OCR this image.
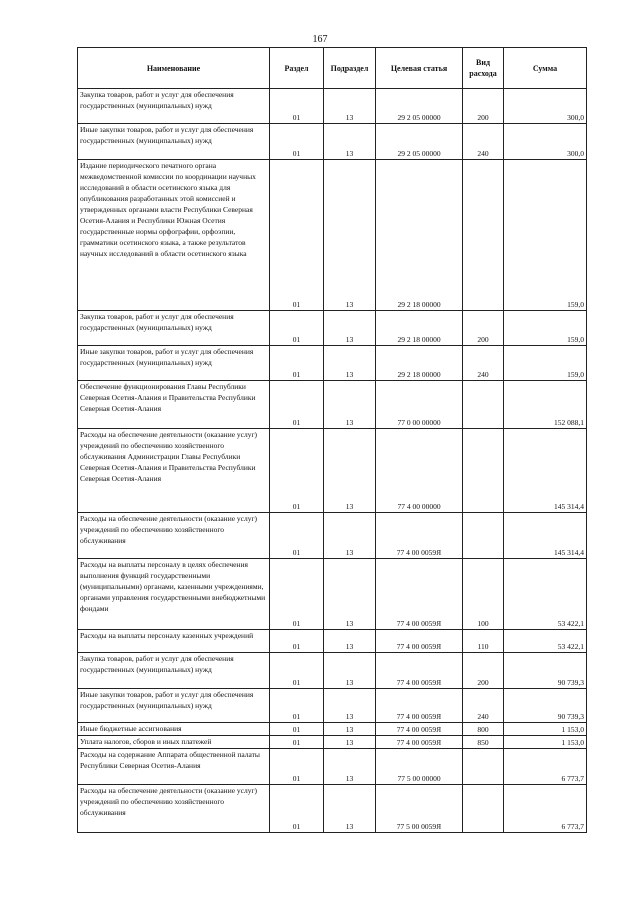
167
Наименование	Раздел	Подраздел	Целевая статья	Вид расхода	Сумма
Закупка товаров, работ и услуг для обеспечения государственных (муниципальных) нужд	01	13	29 2 05 00000	200	300,0
Иные закупки товаров, работ и услуг для обеспечения государственных (муниципальных) нужд	01	13	29 2 05 00000	240	300,0
Издание периодического печатного органа межведомственной комиссии по координации научных исследований в области осетинского языка для опубликования разработанных этой комиссией и утвержденных органами власти Республики Северная Осетия-Алания и Республики Южная Осетия государственные нормы орфографии, орфоэпии, грамматики осетинского языка, а также результатов научных исследований в области осетинского языка	01	13	29 2 18 00000		159,0
Закупка товаров, работ и услуг для обеспечения государственных (муниципальных) нужд	01	13	29 2 18 00000	200	159,0
Иные закупки товаров, работ и услуг для обеспечения государственных (муниципальных) нужд	01	13	29 2 18 00000	240	159,0
Обеспечение функционирования Главы Республики Северная Осетия-Алания и Правительства Республики Северная Осетия-Алания	01	13	77 0 00 00000		152 088,1
Расходы на обеспечение деятельности (оказание услуг) учреждений по обеспечению хозяйственного обслуживания Администрации Главы Республики Северная Осетия-Алания и Правительства Республики Северная Осетия-Алания	01	13	77 4 00 00000		145 314,4
Расходы на обеспечение деятельности (оказание услуг) учреждений по обеспечению хозяйственного обслуживания	01	13	77 4 00 0059Я		145 314,4
Расходы на выплаты персоналу в целях обеспечения выполнения функций государственными (муниципальными) органами, казенными учреждениями, органами управления государственными внебюджетными фондами	01	13	77 4 00 0059Я	100	53 422,1
Расходы на выплаты персоналу казенных учреждений	01	13	77 4 00 0059Я	110	53 422,1
Закупка товаров, работ и услуг для обеспечения государственных (муниципальных) нужд	01	13	77 4 00 0059Я	200	90 739,3
Иные закупки товаров, работ и услуг для обеспечения государственных (муниципальных) нужд	01	13	77 4 00 0059Я	240	90 739,3
Иные бюджетные ассигнования	01	13	77 4 00 0059Я	800	1 153,0
Уплата налогов, сборов и иных платежей	01	13	77 4 00 0059Я	850	1 153,0
Расходы на содержание Аппарата общественной палаты Республики Северная Осетия-Алания	01	13	77 5 00 00000		6 773,7
Расходы на обеспечение деятельности (оказание услуг) учреждений по обеспечению хозяйственного обслуживания	01	13	77 5 00 0059Я		6 773,7
